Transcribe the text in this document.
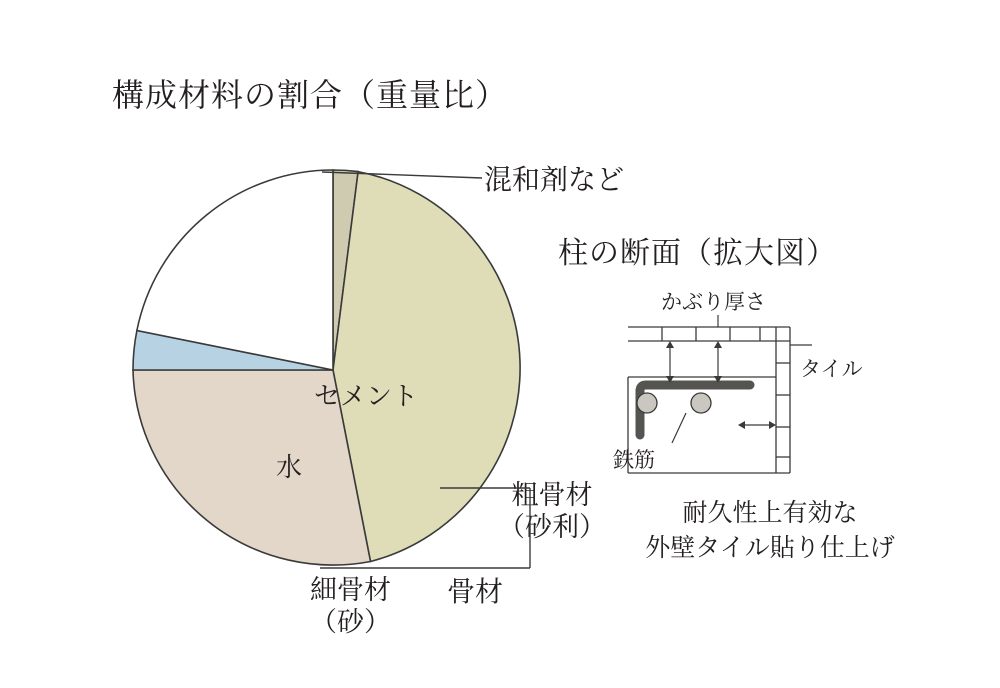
構成材料の割合（重量比）
柱の断面（拡大図）
粗骨材
（砂利）
細骨材
（砂）
水
セメント
混和剤など
骨材
かぶり厚さ
タイル
鉄筋
耐久性上有効な
外壁タイル貼り仕上げ
